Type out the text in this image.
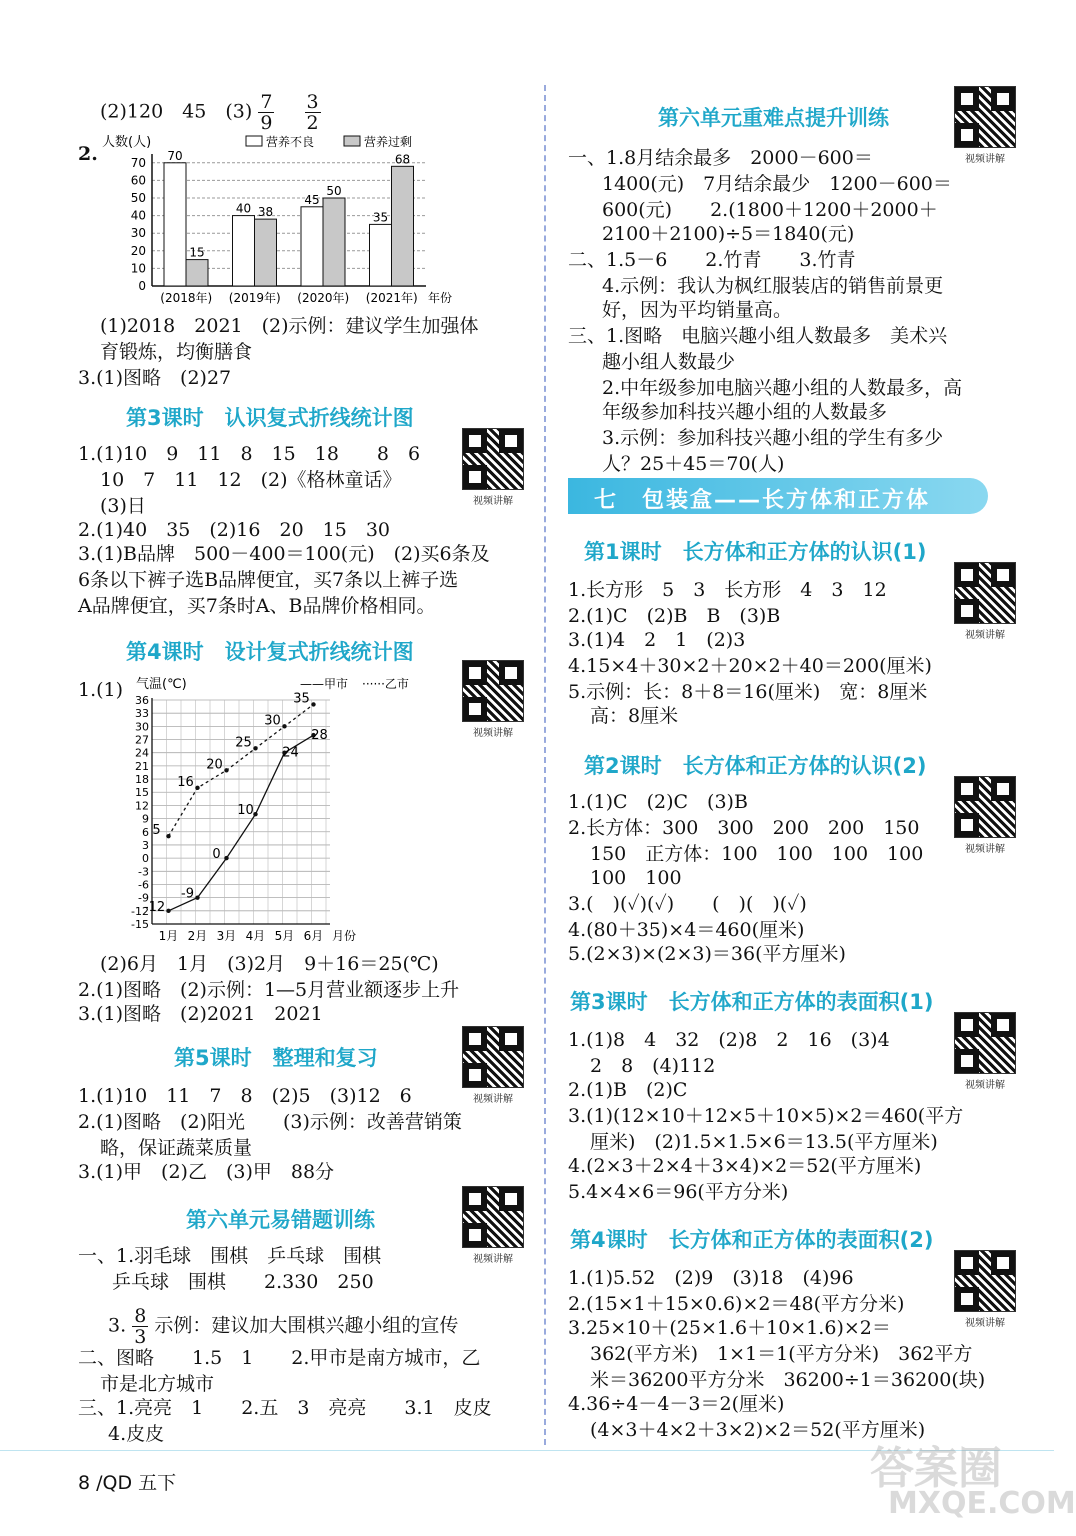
(2)120　45　$(3) \frac{7}{9}$
$\frac{3}{2}$
2.
人数(人)	营养不良	营养过剩
0
10
20
30
40
50
60
70 70
15
(2018年)
40 38
(2019年)
45
50
(2020年)
35
68
(2021年) 年份
(1)2018　2021　(2)示例：建议学生加强体
育锻炼，均衡膳食
3.(1)图略　(2)27
第3课时　认识复式折线统计图
视频讲解
1.(1)10　9　11　8　15　18　　8　6
10　7　11　12　(2)《格林童话》
(3)日
2.(1)40　35　(2)16　20　15　30
3.(1)B品牌　500－400＝100(元)　(2)买6条及
6条以下裤子选B品牌便宜，买7条以上裤子选
A品牌便宜，买7条时A、B品牌价格相同。
第4课时　设计复式折线统计图
视频讲解
1.(1) 气温(℃)	——甲市 ······乙市
-15
-12
-9
-6
-3
0
3
6
9
12
15
18
21
24
27
30
33
36
1月 2月 3月 4月 5月 6月 月份
-12
-9
0
10
24
28
5
16
20
25
30
35
(2)6月　1月　(3)2月　9＋16＝25(℃)
2.(1)图略　(2)示例：1—5月营业额逐步上升
3.(1)图略　(2)2021　2021
第5课时　整理和复习
视频讲解
1.(1)10　11　7　8　(2)5　(3)12　6
2.(1)图略　(2)阳光　　(3)示例：改善营销策
略，保证蔬菜质量
3.(1)甲　(2)乙　(3)甲　88分
第六单元易错题训练
视频讲解
一、1.羽毛球　围棋　乒乓球　围棋
乒乓球　围棋　　2.330　250
3. $\frac{8}{3}$ 示例：建议加大围棋兴趣小组的宣传
二、图略　　1.5　1　　2.甲市是南方城市，乙
市是北方城市
三、1.亮亮　1　　2.五　3　亮亮　　3.1　皮皮
4.皮皮
第六单元重难点提升训练
视频讲解
一、1.8月结余最多　2000－600＝
1400(元)　7月结余最少　1200－600＝
600(元)　　2.(1800＋1200＋2000＋
2100＋2100)÷5＝1840(元)
二、1.5－6　　2.竹青　　3.竹青
4.示例：我认为枫红服装店的销售前景更
好，因为平均销量高。
三、1.图略　电脑兴趣小组人数最多　美术兴
趣小组人数最少
2.中年级参加电脑兴趣小组的人数最多，高
年级参加科技兴趣小组的人数最多
3.示例：参加科技兴趣小组的学生有多少
人？25＋45＝70(人)
七　包装盒——长方体和正方体
第1课时　长方体和正方体的认识(1)
视频讲解
1.长方形　5　3　长方形　4　3　12
2.(1)C　(2)B　B　(3)B
3.(1)4　2　1　(2)3
4.15×4＋30×2＋20×2＋40＝200(厘米)
5.示例：长：8＋8＝16(厘米)　宽：8厘米
高：8厘米
第2课时　长方体和正方体的认识(2)
视频讲解
1.(1)C　(2)C　(3)B
2.长方体：300　300　200　200　150
150　正方体：100　100　100　100
100　100
3.(　)(✓)(✓)　　(　)(　)(✓)
4.(80＋35)×4＝460(厘米)
5.(2×3)×(2×3)＝36(平方厘米)
第3课时　长方体和正方体的表面积(1)
视频讲解
1.(1)8　4　32　(2)8　2　16　(3)4
2　8　(4)112
2.(1)B　(2)C
3.(1)(12×10＋12×5＋10×5)×2＝460(平方
厘米)　(2)1.5×1.5×6＝13.5(平方厘米)
4.(2×3＋2×4＋3×4)×2＝52(平方厘米)
5.4×4×6＝96(平方分米)
第4课时　长方体和正方体的表面积(2)
视频讲解
1.(1)5.52　(2)9　(3)18　(4)96
2.(15×1＋15×0.6)×2＝48(平方分米)
3.25×10＋(25×1.6＋10×1.6)×2＝
362(平方米)　1×1＝1(平方分米)　362平方
米＝36200平方分米　36200÷1＝36200(块)
4.36÷4－4－3＝2(厘米)
(4×3＋4×2＋3×2)×2＝52(平方厘米)
8 /QD 五下	答案圈
MXQE.COM
